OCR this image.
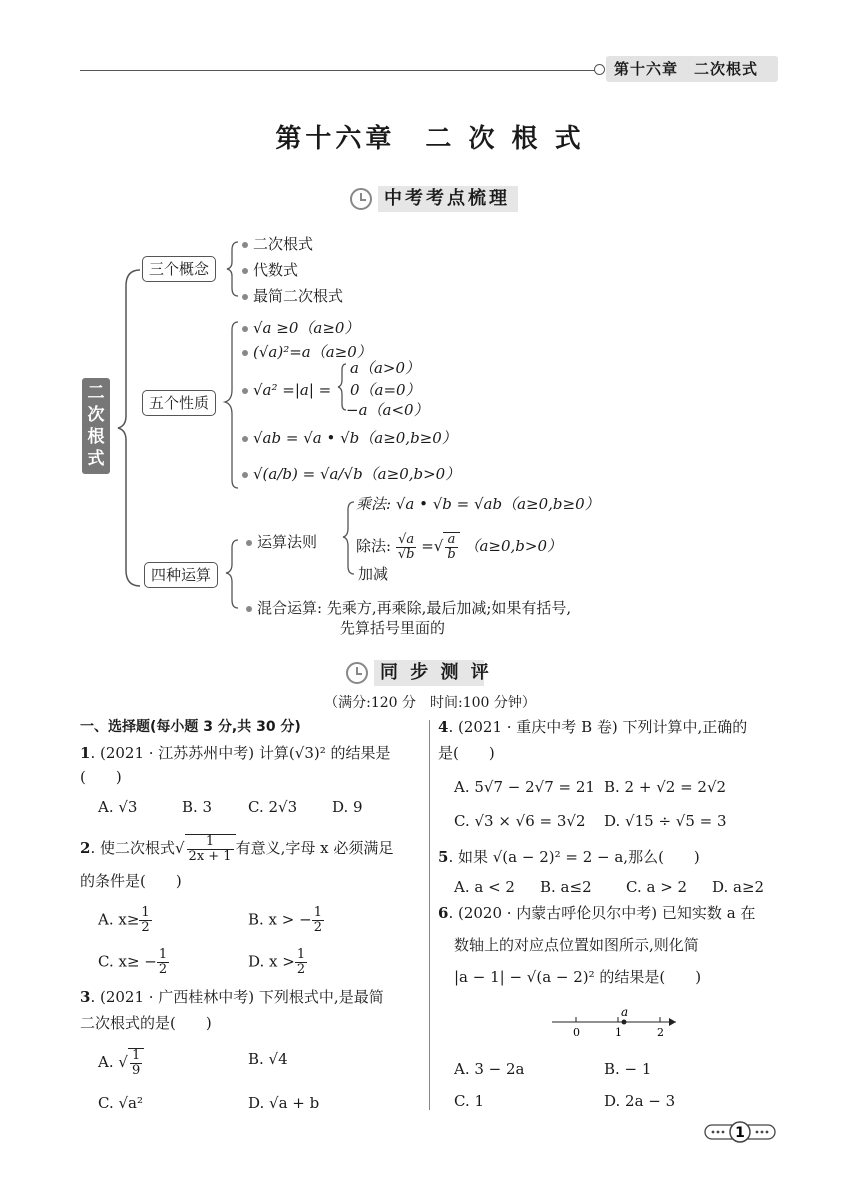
第十六章　二次根式
第十六章　二 次 根 式
中考考点梳理
二次根式
三个概念
二次根式
代数式
最简二次根式
五个性质
√a ≥0（a≥0）
(√a)²=a（a≥0）
√a² =|a| =
a（a>0）
0（a=0）
−a（a<0）
√ab = √a • √b（a≥0,b≥0）
√(a/b) = √a/√b（a≥0,b>0）
四种运算
运算法则
乘法: √a • √b = √ab（a≥0,b≥0）
除法: $\frac{√a}{√b}$ =√ $\frac{a}{b} (a\ge 0,b>0)$
加减
混合运算: 先乘方,再乘除,最后加减;如果有括号,
先算括号里面的
同 步 测 评
（满分:120 分　时间:100 分钟）
一、选择题(每小题 3 分,共 30 分)
1. (2021 · 江苏苏州中考) 计算(√3)² 的结果是
(　　)
A. √3	B. 3 C. 2√3 D. 9
2. 使二次根式√ $\frac{1}{2x + 1}$ 有意义,字母 x 必须满足
的条件是(　　)
A. $x\ge \frac{1}{2}$	B. x > − $\frac{1}{2}$
C. $x\ge - \frac{1}{2}$	D. $x > \frac{1}{2}$
3. (2021 · 广西桂林中考) 下列根式中,是最简
二次根式的是(　　)
A. √ $\frac{1}{9}$	B. √4
C. √a²	D. √a + b
4. (2021 · 重庆中考 B 卷) 下列计算中,正确的
是(　　)
A. 5√7 − 2√7 = 21 B. 2 + √2 = 2√2
C. √3 × √6 = 3√2 D. √15 ÷ √5 = 3
5. 如果 √(a − 2)² = 2 − a,那么(　　)
A. a < 2 B. a≤2 C. a > 2 D. a≥2
6. (2020 · 内蒙古呼伦贝尔中考) 已知实数 a 在
数轴上的对应点位置如图所示,则化简
|a − 1| − √(a − 2)² 的结果是(　　)
0	1	2
a
A. 3 − 2a	B. − 1
C. 1	D. 2a − 3
1
